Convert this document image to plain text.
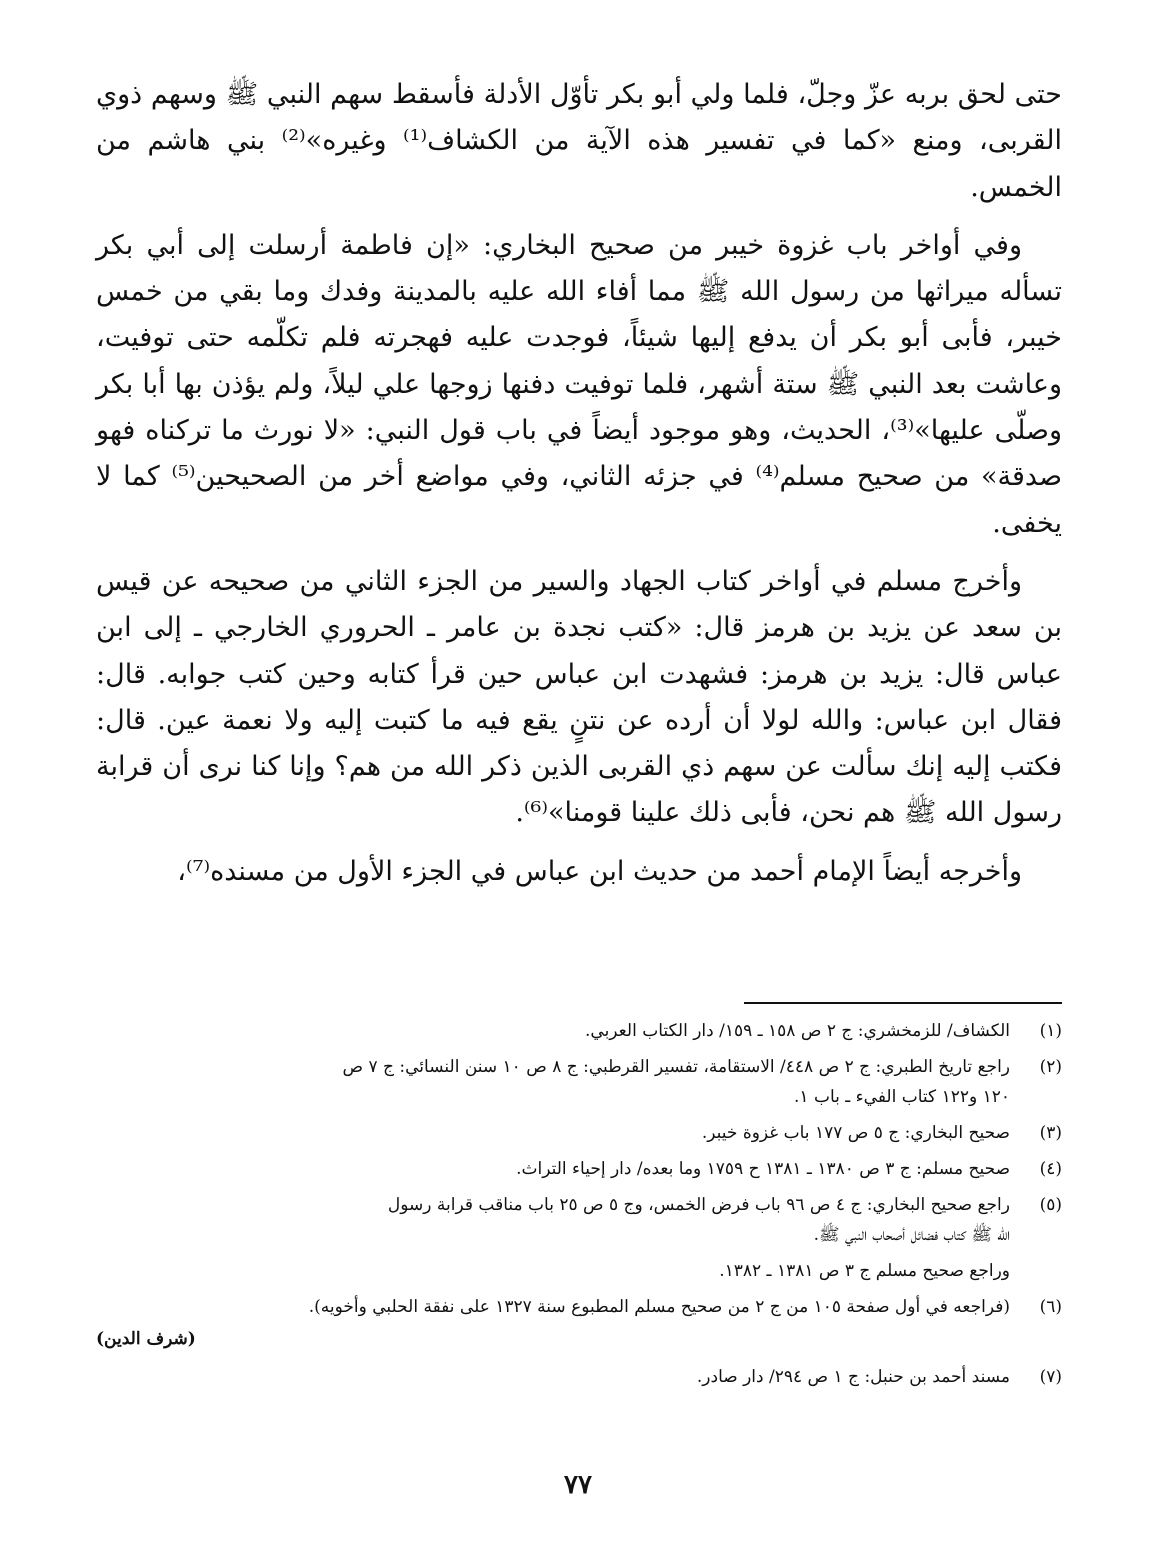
حتى لحق بربه عزّ وجلّ، فلما ولي أبو بكر تأوّل الأدلة فأسقط سهم النبي ﷺ وسهم ذوي القربى، ومنع «كما في تفسير هذه الآية من الكشاف⁽¹⁾ وغيره»⁽²⁾ بني هاشم من الخمس.

وفي أواخر باب غزوة خيبر من صحيح البخاري: «إن فاطمة أرسلت إلى أبي بكر تسأله ميراثها من رسول الله ﷺ مما أفاء الله عليه بالمدينة وفدك وما بقي من خمس خيبر، فأبى أبو بكر أن يدفع إليها شيئاً، فوجدت عليه فهجرته فلم تكلّمه حتى توفيت، وعاشت بعد النبي ﷺ ستة أشهر، فلما توفيت دفنها زوجها علي ليلاً، ولم يؤذن بها أبا بكر وصلّى عليها»⁽³⁾، الحديث، وهو موجود أيضاً في باب قول النبي: «لا نورث ما تركناه فهو صدقة» من صحيح مسلم⁽⁴⁾ في جزئه الثاني، وفي مواضع أخر من الصحيحين⁽⁵⁾ كما لا يخفى.

وأخرج مسلم في أواخر كتاب الجهاد والسير من الجزء الثاني من صحيحه عن قيس بن سعد عن يزيد بن هرمز قال: «كتب نجدة بن عامر ـ الحروري الخارجي ـ إلى ابن عباس قال: يزيد بن هرمز: فشهدت ابن عباس حين قرأ كتابه وحين كتب جوابه. قال: فقال ابن عباس: والله لولا أن أرده عن نتنٍ يقع فيه ما كتبت إليه ولا نعمة عين. قال: فكتب إليه إنك سألت عن سهم ذي القربى الذين ذكر الله من هم؟ وإنا كنا نرى أن قرابة رسول الله ﷺ هم نحن، فأبى ذلك علينا قومنا»⁽⁶⁾.

وأخرجه أيضاً الإمام أحمد من حديث ابن عباس في الجزء الأول من مسنده⁽⁷⁾،

(١)
الكشاف/ للزمخشري: ج ٢ ص ١٥٨ ـ ١٥٩/ دار الكتاب العربي.
(٢)
راجع تاريخ الطبري: ج ٢ ص ٤٤٨/ الاستقامة، تفسير القرطبي: ج ٨ ص ١٠ سنن النسائي: ج ٧ ص
١٢٠ و١٢٢ كتاب الفيء ـ باب ١.
(٣)
صحيح البخاري: ج ٥ ص ١٧٧ باب غزوة خيبر.
(٤)
صحيح مسلم: ج ٣ ص ١٣٨٠ ـ ١٣٨١ ح ١٧٥٩ وما بعده/ دار إحياء التراث.
(٥)
راجع صحيح البخاري: ج ٤ ص ٩٦ باب فرض الخمس، وج ٥ ص ٢٥ باب مناقب قرابة رسول
الله ﷺ كتاب فضائل أصحاب النبي ﷺ.
وراجع صحيح مسلم ج ٣ ص ١٣٨١ ـ ١٣٨٢.
(٦)
(فراجعه في أول صفحة ١٠٥ من ج ٢ من صحيح مسلم المطبوع سنة ١٣٢٧ على نفقة الحلبي وأخويه).
(شرف الدين)
(٧)
مسند أحمد بن حنبل: ج ١ ص ٢٩٤/ دار صادر.
٧٧
